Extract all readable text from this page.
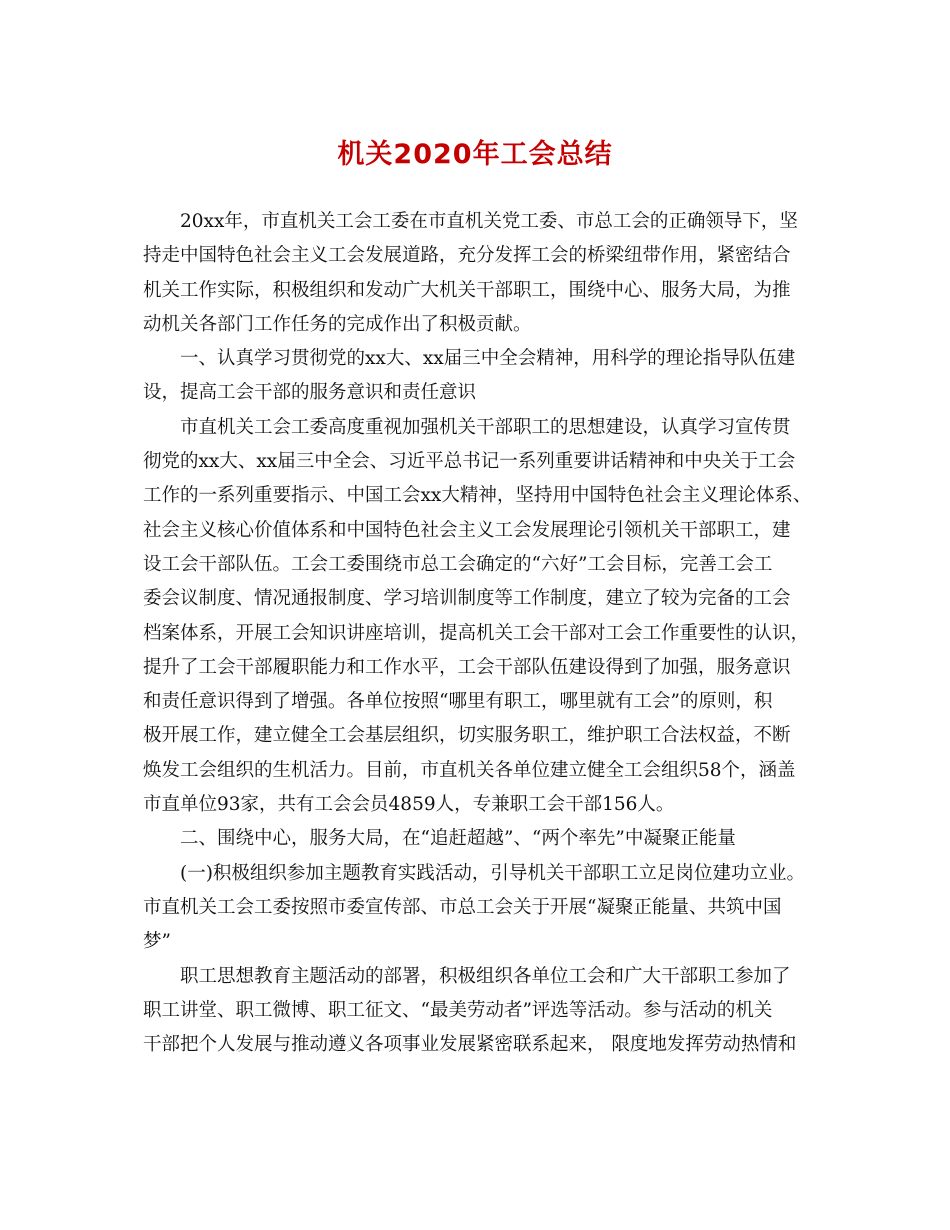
机关2020年工会总结
20xx年，市直机关工会工委在市直机关党工委、市总工会的正确领导下，坚
持走中国特色社会主义工会发展道路，充分发挥工会的桥梁纽带作用，紧密结合
机关工作实际，积极组织和发动广大机关干部职工，围绕中心、服务大局，为推
动机关各部门工作任务的完成作出了积极贡献。
一、认真学习贯彻党的xx大、xx届三中全会精神，用科学的理论指导队伍建
设，提高工会干部的服务意识和责任意识
市直机关工会工委高度重视加强机关干部职工的思想建设，认真学习宣传贯
彻党的xx大、xx届三中全会、习近平总书记一系列重要讲话精神和中央关于工会
工作的一系列重要指示、中国工会xx大精神，坚持用中国特色社会主义理论体系、
社会主义核心价值体系和中国特色社会主义工会发展理论引领机关干部职工，建
设工会干部队伍。工会工委围绕市总工会确定的“六好”工会目标，完善工会工
委会议制度、情况通报制度、学习培训制度等工作制度，建立了较为完备的工会
档案体系，开展工会知识讲座培训，提高机关工会干部对工会工作重要性的认识，
提升了工会干部履职能力和工作水平，工会干部队伍建设得到了加强，服务意识
和责任意识得到了增强。各单位按照“哪里有职工，哪里就有工会”的原则，积
极开展工作，建立健全工会基层组织，切实服务职工，维护职工合法权益，不断
焕发工会组织的生机活力。目前，市直机关各单位建立健全工会组织58个，涵盖
市直单位93家，共有工会会员4859人，专兼职工会干部156人。
二、围绕中心，服务大局，在“追赶超越”、“两个率先”中凝聚正能量
(一)积极组织参加主题教育实践活动，引导机关干部职工立足岗位建功立业。
市直机关工会工委按照市委宣传部、市总工会关于开展“凝聚正能量、共筑中国
梦”
职工思想教育主题活动的部署，积极组织各单位工会和广大干部职工参加了
职工讲堂、职工微博、职工征文、“最美劳动者”评选等活动。参与活动的机关
干部把个人发展与推动遵义各项事业发展紧密联系起来， 限度地发挥劳动热情和
